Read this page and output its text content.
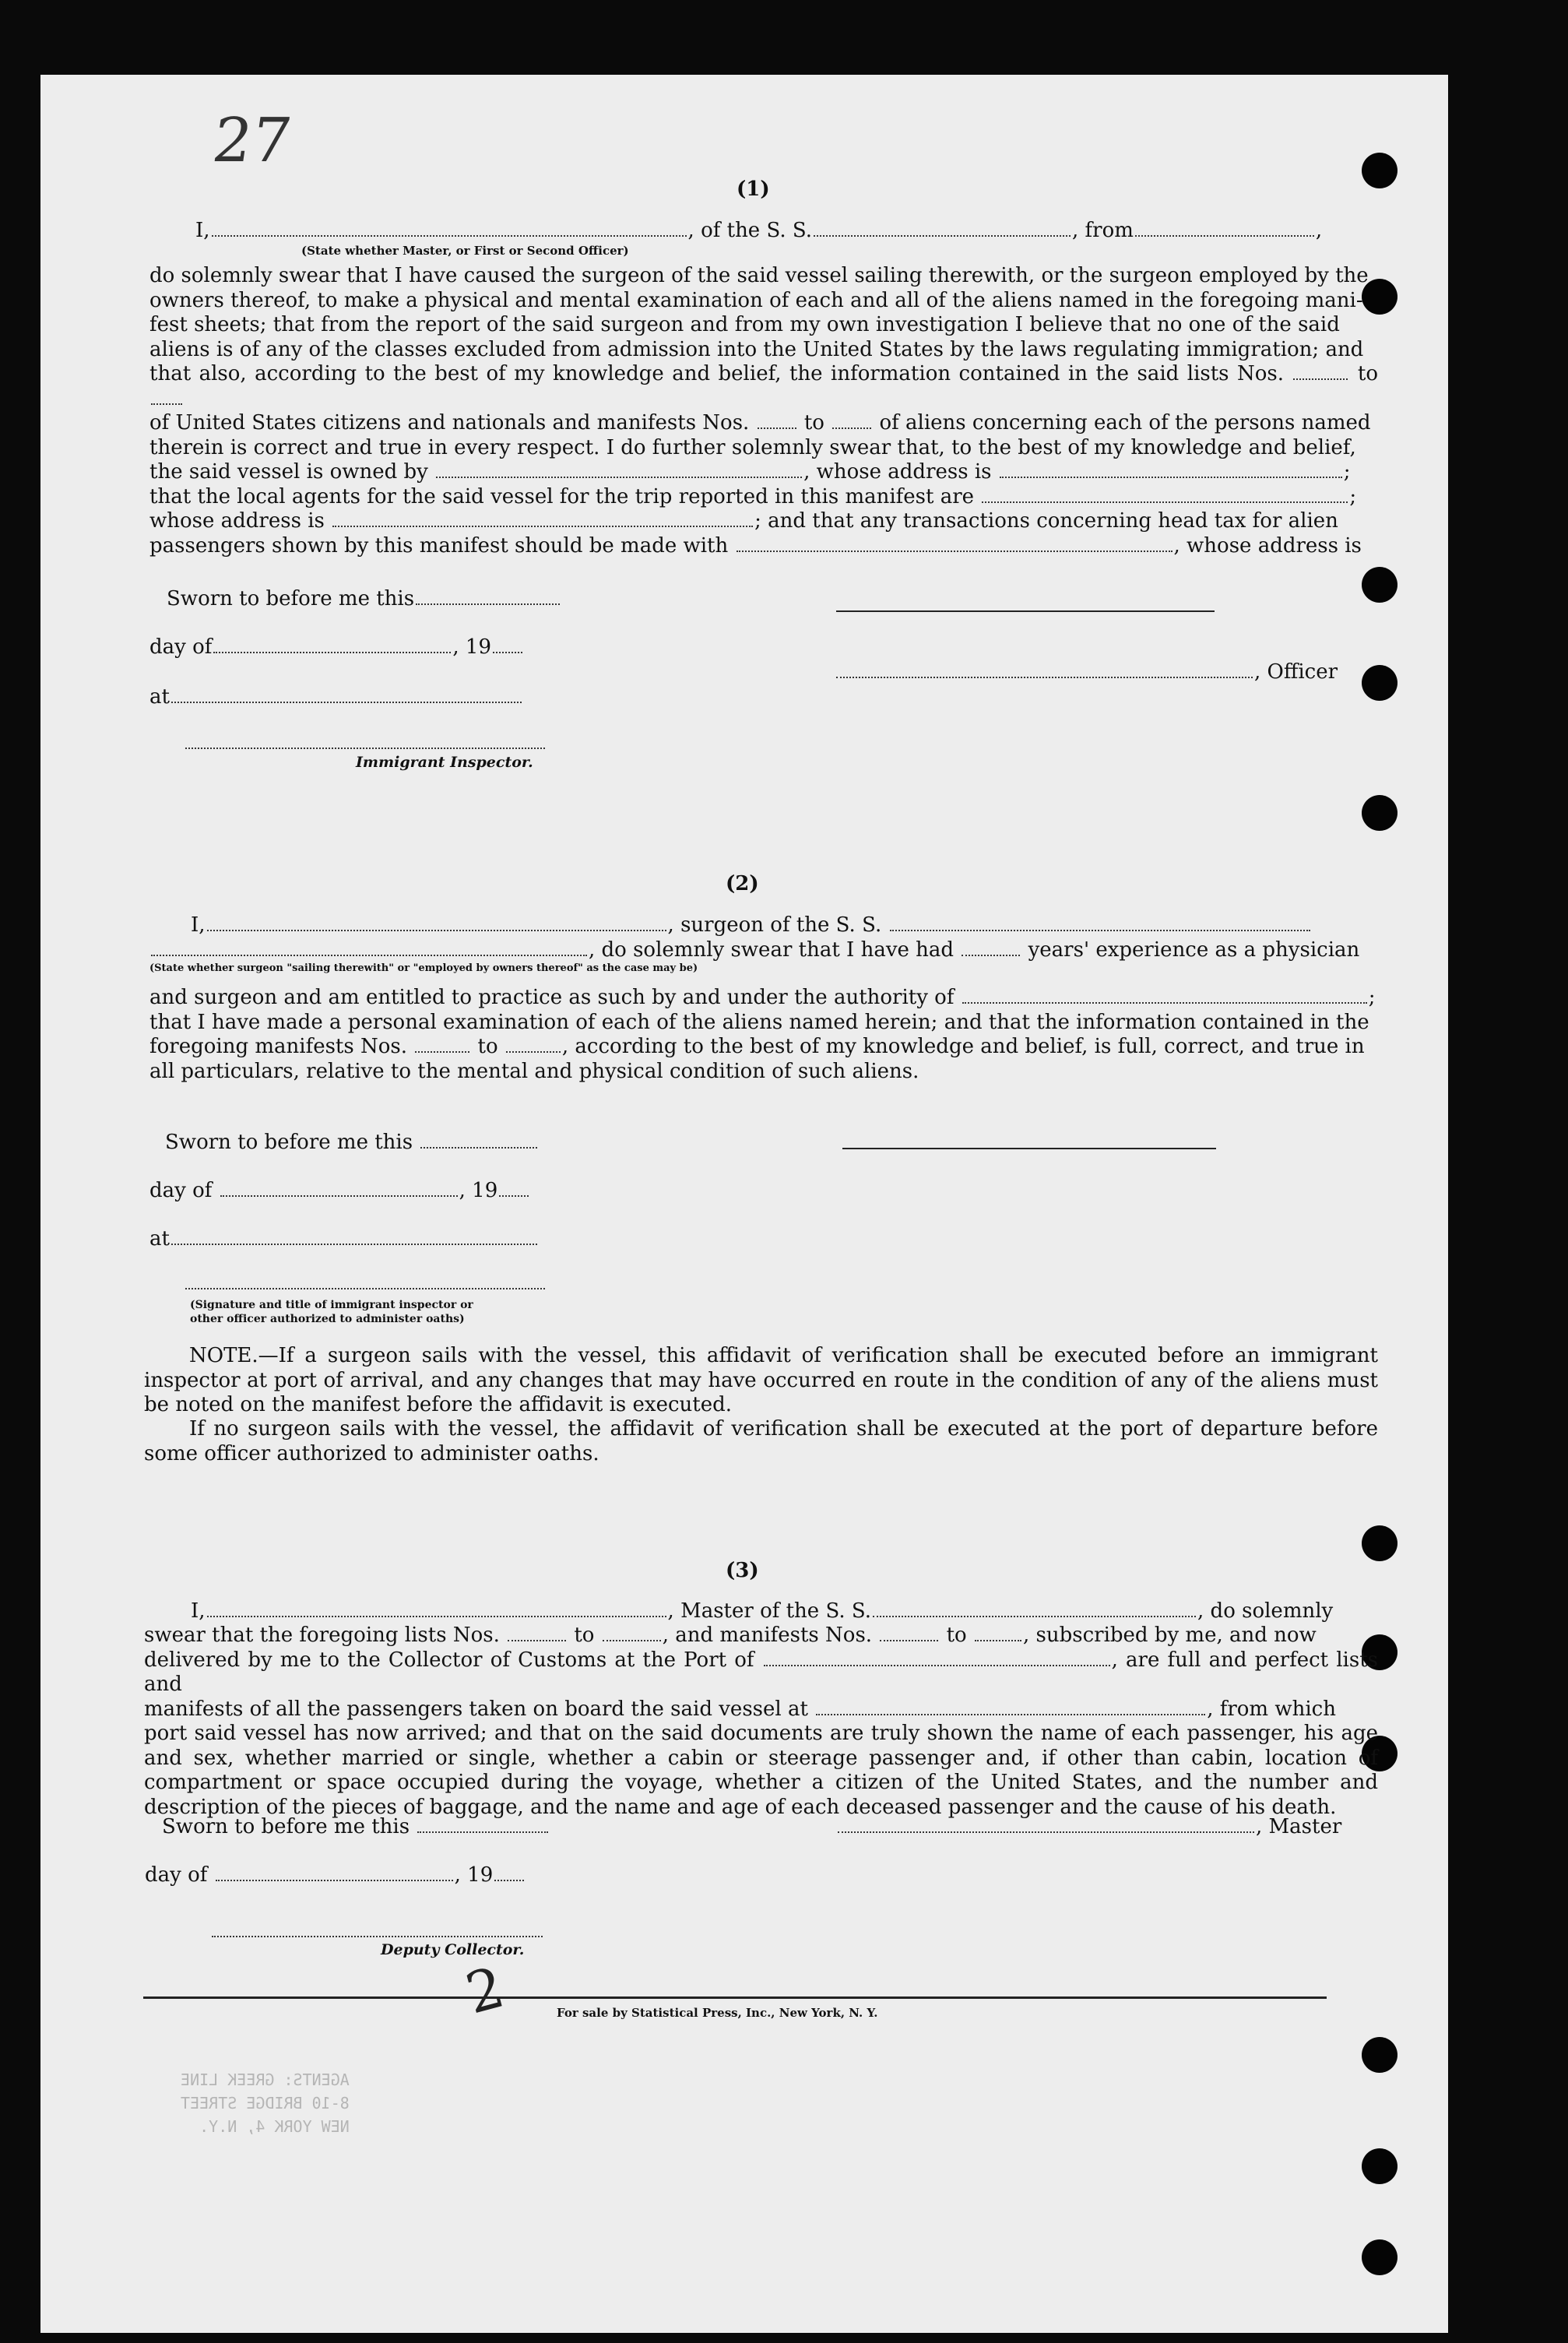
27
(1)
I,	, of the S. S.	, from	,
(State whether Master, or First or Second Officer)
do solemnly swear that I have caused the surgeon of the said vessel sailing therewith, or the surgeon employed by the
owners thereof, to make a physical and mental examination of each and all of the aliens named in the foregoing mani-
fest sheets; that from the report of the said surgeon and from my own investigation I believe that no one of the said
aliens is of any of the classes excluded from admission into the United States by the laws regulating immigration; and
that also, according to the best of my knowledge and belief, the information contained in the said lists Nos.	to
of United States citizens and nationals and manifests Nos.	to	of aliens concerning each of the persons named
therein is correct and true in every respect. I do further solemnly swear that, to the best of my knowledge and belief,
the said vessel is owned by	, whose address is	;
that the local agents for the said vessel for the trip reported in this manifest are	;
whose address is	; and that any transactions concerning head tax for alien
passengers shown by this manifest should be made with	, whose address is
Sworn to before me this
day of	, 19
, Officer
at
Immigrant Inspector.
(2)
I,	, surgeon of the S. S.
, do solemnly swear that I have had	years' experience as a physician
(State whether surgeon "sailing therewith" or "employed by owners thereof" as the case may be)
and surgeon and am entitled to practice as such by and under the authority of	;
that I have made a personal examination of each of the aliens named herein; and that the information contained in the
foregoing manifests Nos.	to	, according to the best of my knowledge and belief, is full, correct, and true in
all particulars, relative to the mental and physical condition of such aliens.
Sworn to before me this
day of	, 19
at
(Signature and title of immigrant inspector or
other officer authorized to administer oaths)
NOTE.—If a surgeon sails with the vessel, this affidavit of verification shall be executed before an immigrant inspector at port of arrival, and any changes that may have occurred en route in the condition of any of the aliens must be noted on the manifest before the affidavit is executed.
If no surgeon sails with the vessel, the affidavit of verification shall be executed at the port of departure before some officer authorized to administer oaths.
(3)
I,	, Master of the S. S.	, do solemnly
swear that the foregoing lists Nos.	to	, and manifests Nos.	to	, subscribed by me, and now
delivered by me to the Collector of Customs at the Port of	, are full and perfect lists and
manifests of all the passengers taken on board the said vessel at	, from which
port said vessel has now arrived; and that on the said documents are truly shown the name of each passenger, his age and sex, whether married or single, whether a cabin or steerage passenger and, if other than cabin, location of compartment or space occupied during the voyage, whether a citizen of the United States, and the number and description of the pieces of baggage, and the name and age of each deceased passenger and the cause of his death.
Sworn to before me this	, Master
day of	, 19
Deputy Collector.
2	For sale by Statistical Press, Inc., New York, N. Y.
AGENTS: GREEK LINE
8-10 BRIDGE STREET
NEW YORK 4, N.Y.
